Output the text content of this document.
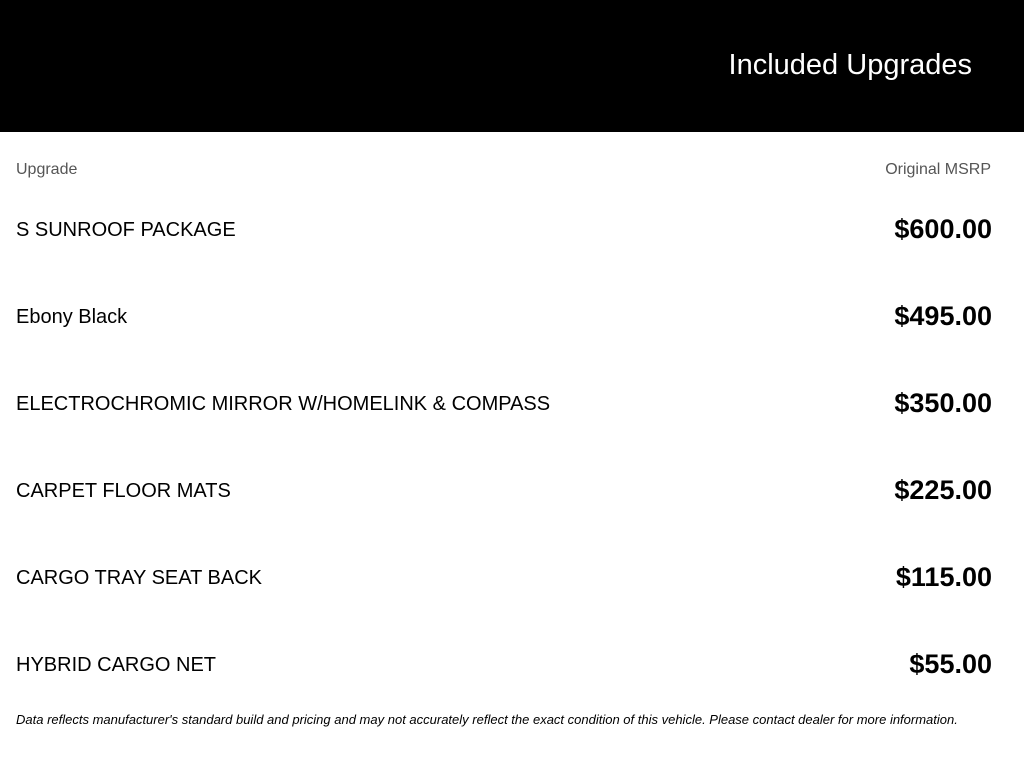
Included Upgrades
Upgrade	Original MSRP
S SUNROOF PACKAGE	$600.00
Ebony Black	$495.00
ELECTROCHROMIC MIRROR W/HOMELINK & COMPASS	$350.00
CARPET FLOOR MATS	$225.00
CARGO TRAY SEAT BACK	$115.00
HYBRID CARGO NET	$55.00
Data reflects manufacturer's standard build and pricing and may not accurately reflect the exact condition of this vehicle. Please contact dealer for more information.
